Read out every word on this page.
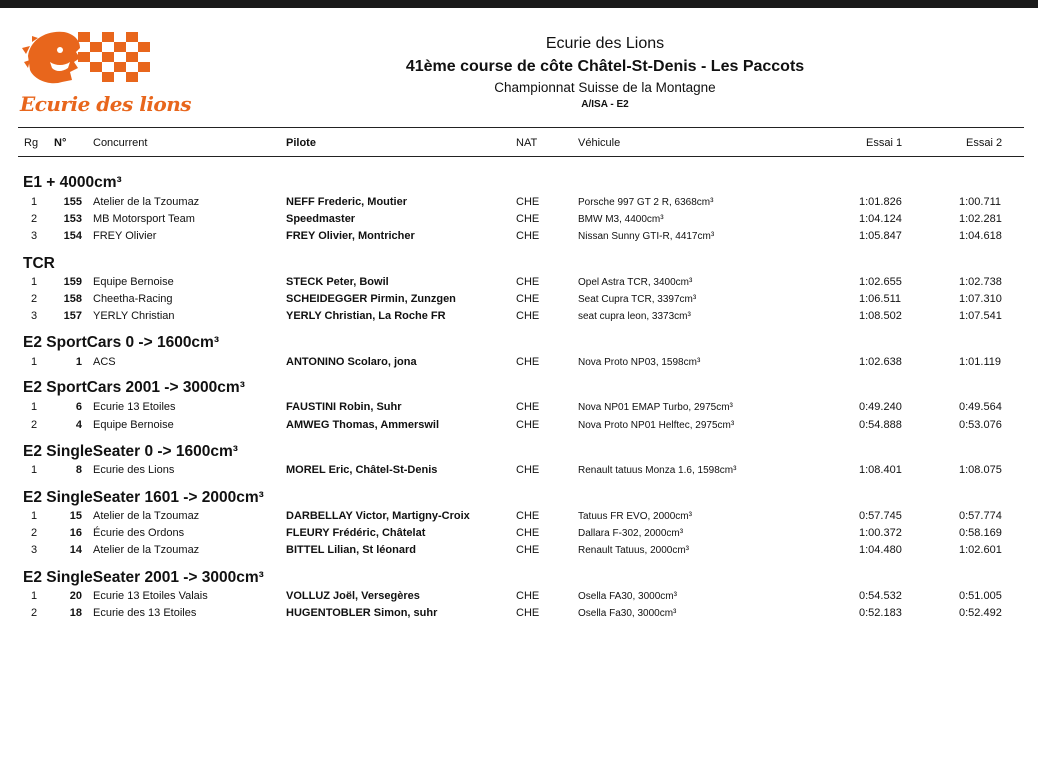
Ecurie des lions
Ecurie des Lions
41ème course de côte Châtel-St-Denis - Les Paccots
Championnat Suisse de la Montagne
A/ISA - E2
Rg N° Concurrent	Pilote	NAT	Véhicule	Essai 1	Essai 2
E1 + 4000cm³
1	155 Atelier de la Tzoumaz	NEFF Frederic, Moutier	CHE	Porsche 997 GT 2 R, 6368cm³	1:01.826	1:00.711
2	153 MB Motorsport Team	Speedmaster	CHE	BMW M3, 4400cm³	1:04.124	1:02.281
3	154 FREY Olivier	FREY Olivier, Montricher	CHE	Nissan Sunny GTI-R, 4417cm³	1:05.847	1:04.618
TCR
1	159 Equipe Bernoise	STECK Peter, Bowil	CHE	Opel Astra TCR, 3400cm³	1:02.655	1:02.738
2	158 Cheetha-Racing	SCHEIDEGGER Pirmin, Zunzgen	CHE	Seat Cupra TCR, 3397cm³	1:06.511	1:07.310
3	157 YERLY Christian	YERLY Christian, La Roche FR	CHE	seat cupra leon, 3373cm³	1:08.502	1:07.541
E2 SportCars 0 -> 1600cm³
1	1 ACS	ANTONINO Scolaro, jona	CHE	Nova Proto NP03, 1598cm³	1:02.638	1:01.119
E2 SportCars 2001 -> 3000cm³
1	6 Ecurie 13 Etoiles	FAUSTINI Robin, Suhr	CHE	Nova NP01 EMAP Turbo, 2975cm³	0:49.240	0:49.564
2	4 Equipe Bernoise	AMWEG Thomas, Ammerswil	CHE	Nova Proto NP01 Helftec, 2975cm³	0:54.888	0:53.076
E2 SingleSeater 0 -> 1600cm³
1	8 Ecurie des Lions	MOREL Eric, Châtel-St-Denis	CHE	Renault tatuus Monza 1.6, 1598cm³	1:08.401	1:08.075
E2 SingleSeater 1601 -> 2000cm³
1	15 Atelier de la Tzoumaz	DARBELLAY Victor, Martigny-Croix	CHE	Tatuus FR EVO, 2000cm³	0:57.745	0:57.774
2	16 Écurie des Ordons	FLEURY Frédéric, Châtelat	CHE	Dallara F-302, 2000cm³	1:00.372	0:58.169
3	14 Atelier de la Tzoumaz	BITTEL Lilian, St léonard	CHE	Renault Tatuus, 2000cm³	1:04.480	1:02.601
E2 SingleSeater 2001 -> 3000cm³
1	20 Ecurie 13 Etoiles Valais	VOLLUZ Joël, Versegères	CHE	Osella FA30, 3000cm³	0:54.532	0:51.005
2	18 Ecurie des 13 Etoiles	HUGENTOBLER Simon, suhr	CHE	Osella Fa30, 3000cm³	0:52.183	0:52.492
